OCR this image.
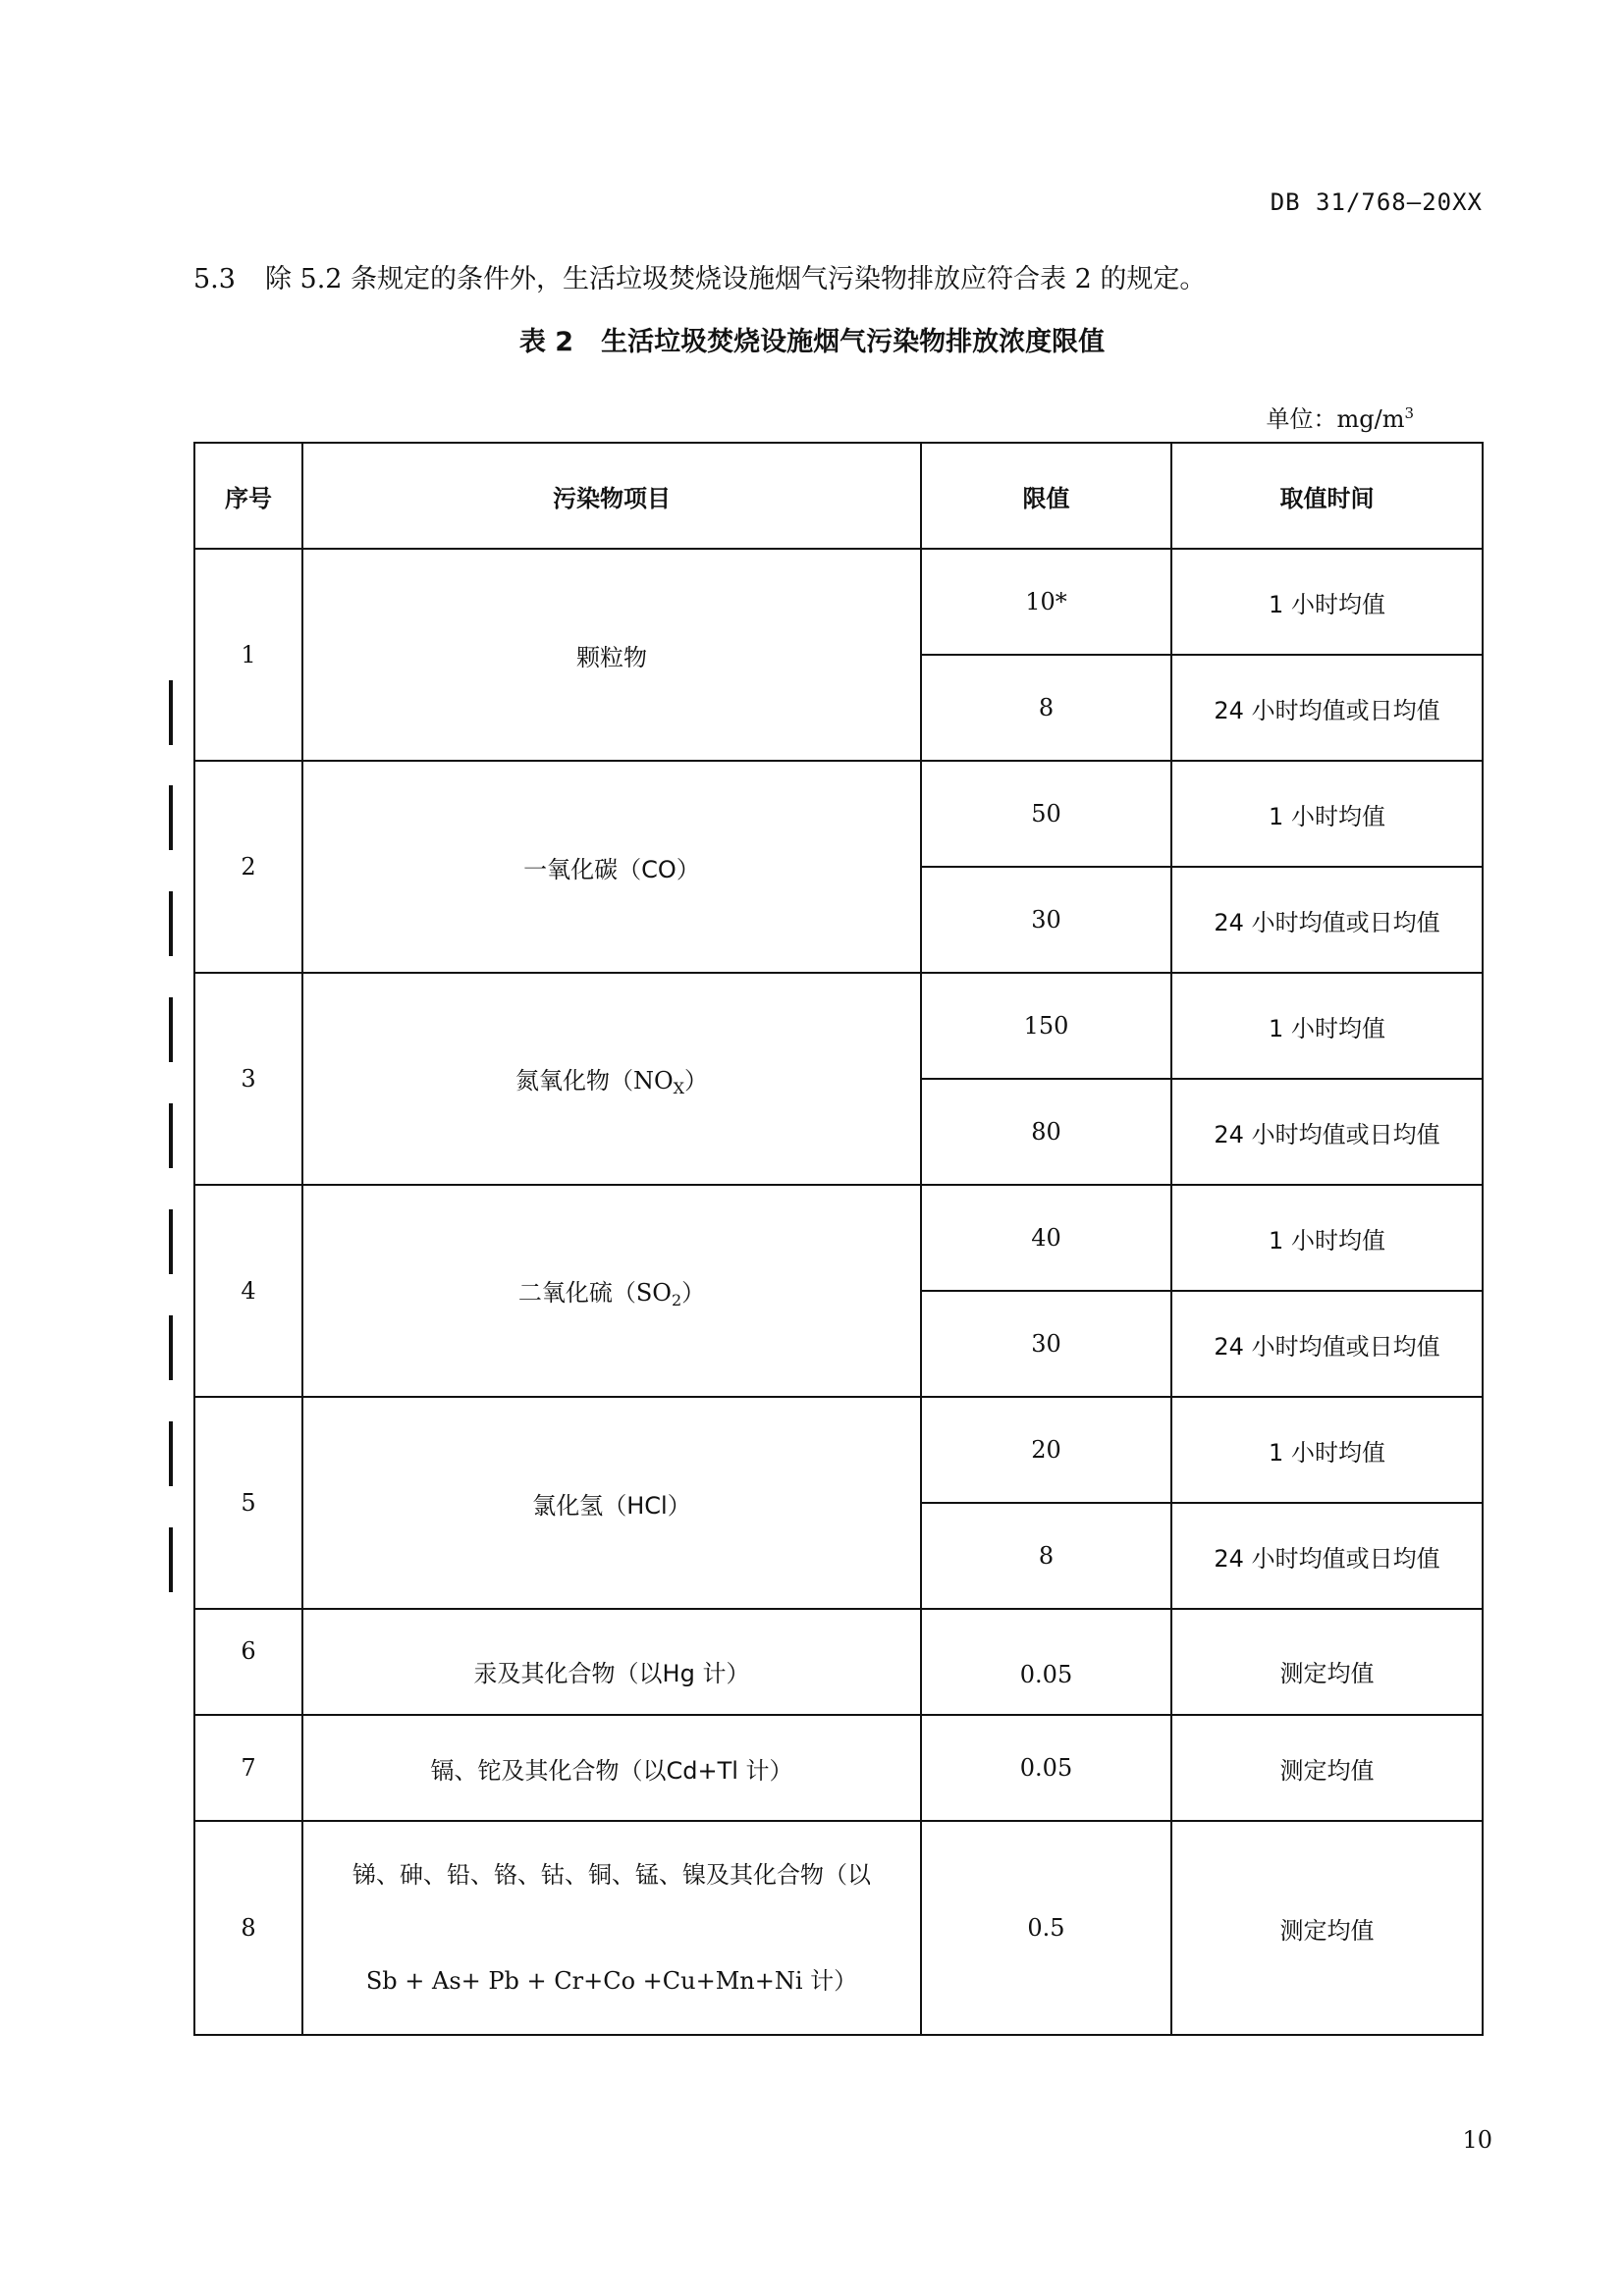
DB 31/768—20XX
5.3 除 5.2 条规定的条件外，生活垃圾焚烧设施烟气污染物排放应符合表 2 的规定。
表 2 生活垃圾焚烧设施烟气污染物排放浓度限值
单位：$mg/m^3$
序号	污染物项目	限值	取值时间
1	颗粒物	10*	1 小时均值
		8	24 小时均值或日均值
2	一氧化碳（CO）	50	1 小时均值
		30	24 小时均值或日均值
3	氮氧化物$(NO_X)$	150	1 小时均值
		80	24 小时均值或日均值
4	二氧化硫$(SO_2)$	40	1 小时均值
		30	24 小时均值或日均值
5	氯化氢（HCl）	20	1 小时均值
		8	24 小时均值或日均值
6	汞及其化合物（以Hg 计）	0.05	测定均值
7	镉、铊及其化合物（以Cd+Tl 计）	0.05	测定均值
8	锑、砷、铅、铬、钴、铜、锰、镍及其化合物（以
Sb + As+ Pb + Cr+Co +Cu+Mn+Ni 计）	0.5	测定均值
10
